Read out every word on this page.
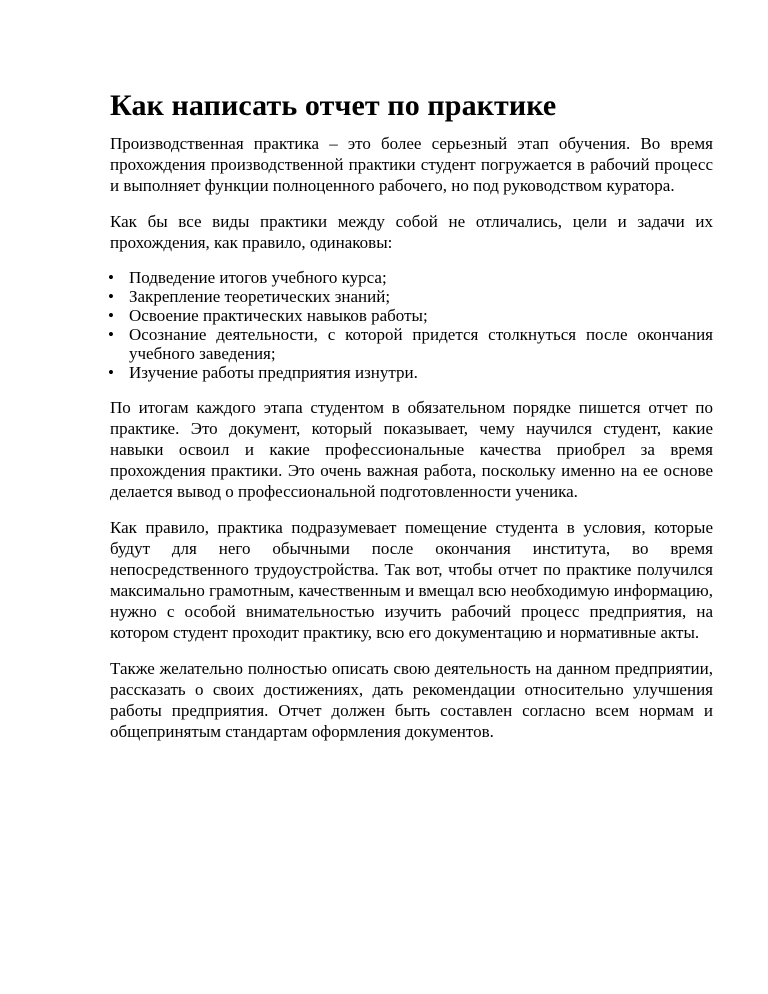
Как написать отчет по практике

Производственная практика – это более серьезный этап обучения. Во время прохождения производственной практики студент погружается в рабочий процесс и выполняет функции полноценного рабочего, но под руководством куратора.

Как бы все виды практики между собой не отличались, цели и задачи их прохождения, как правило, одинаковы:

• Подведение итогов учебного курса;
• Закрепление теоретических знаний;
• Освоение практических навыков работы;
• Осознание деятельности, с которой придется столкнуться после окончания учебного заведения;
• Изучение работы предприятия изнутри.

По итогам каждого этапа студентом в обязательном порядке пишется отчет по практике. Это документ, который показывает, чему научился студент, какие навыки освоил и какие профессиональные качества приобрел за время прохождения практики. Это очень важная работа, поскольку именно на ее основе делается вывод о профессиональной подготовленности ученика.

Как правило, практика подразумевает помещение студента в условия, которые будут для него обычными после окончания института, во время непосредственного трудоустройства. Так вот, чтобы отчет по практике получился максимально грамотным, качественным и вмещал всю необходимую информацию, нужно с особой внимательностью изучить рабочий процесс предприятия, на котором студент проходит практику, всю его документацию и нормативные акты.

Также желательно полностью описать свою деятельность на данном предприятии, рассказать о своих достижениях, дать рекомендации относительно улучшения работы предприятия. Отчет должен быть составлен согласно всем нормам и общепринятым стандартам оформления документов.
